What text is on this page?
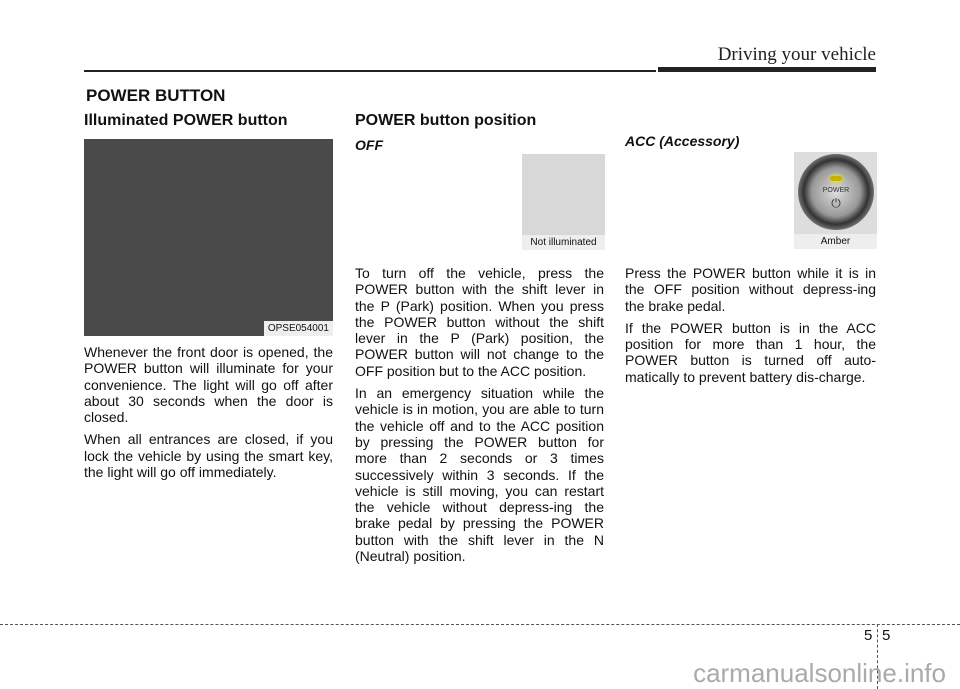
Driving your vehicle
POWER BUTTON
Illuminated POWER button
OPSE054001

Whenever the front door is opened, the POWER button will illuminate for your convenience. The light will go off after about 30 seconds when the door is closed.

When all entrances are closed, if you lock the vehicle by using the smart key, the light will go off immediately.

POWER button position
OFF
Not illuminated

To turn off the vehicle, press the POWER button with the shift lever in the P (Park) position. When you press the POWER button without the shift lever in the P (Park) position, the POWER button will not change to the OFF position but to the ACC position.

In an emergency situation while the vehicle is in motion, you are able to turn the vehicle off and to the ACC position by pressing the POWER button for more than 2 seconds or 3 times successively within 3 seconds. If the vehicle is still moving, you can restart the vehicle without depress-ing the brake pedal by pressing the POWER button with the shift lever in the N (Neutral) position.

ACC (Accessory)
POWER
⏻
Amber

Press the POWER button while it is in the OFF position without depress-ing the brake pedal.

If the POWER button is in the ACC position for more than 1 hour, the POWER button is turned off auto-matically to prevent battery dis-charge.

5 5
carmanualsonline.info
